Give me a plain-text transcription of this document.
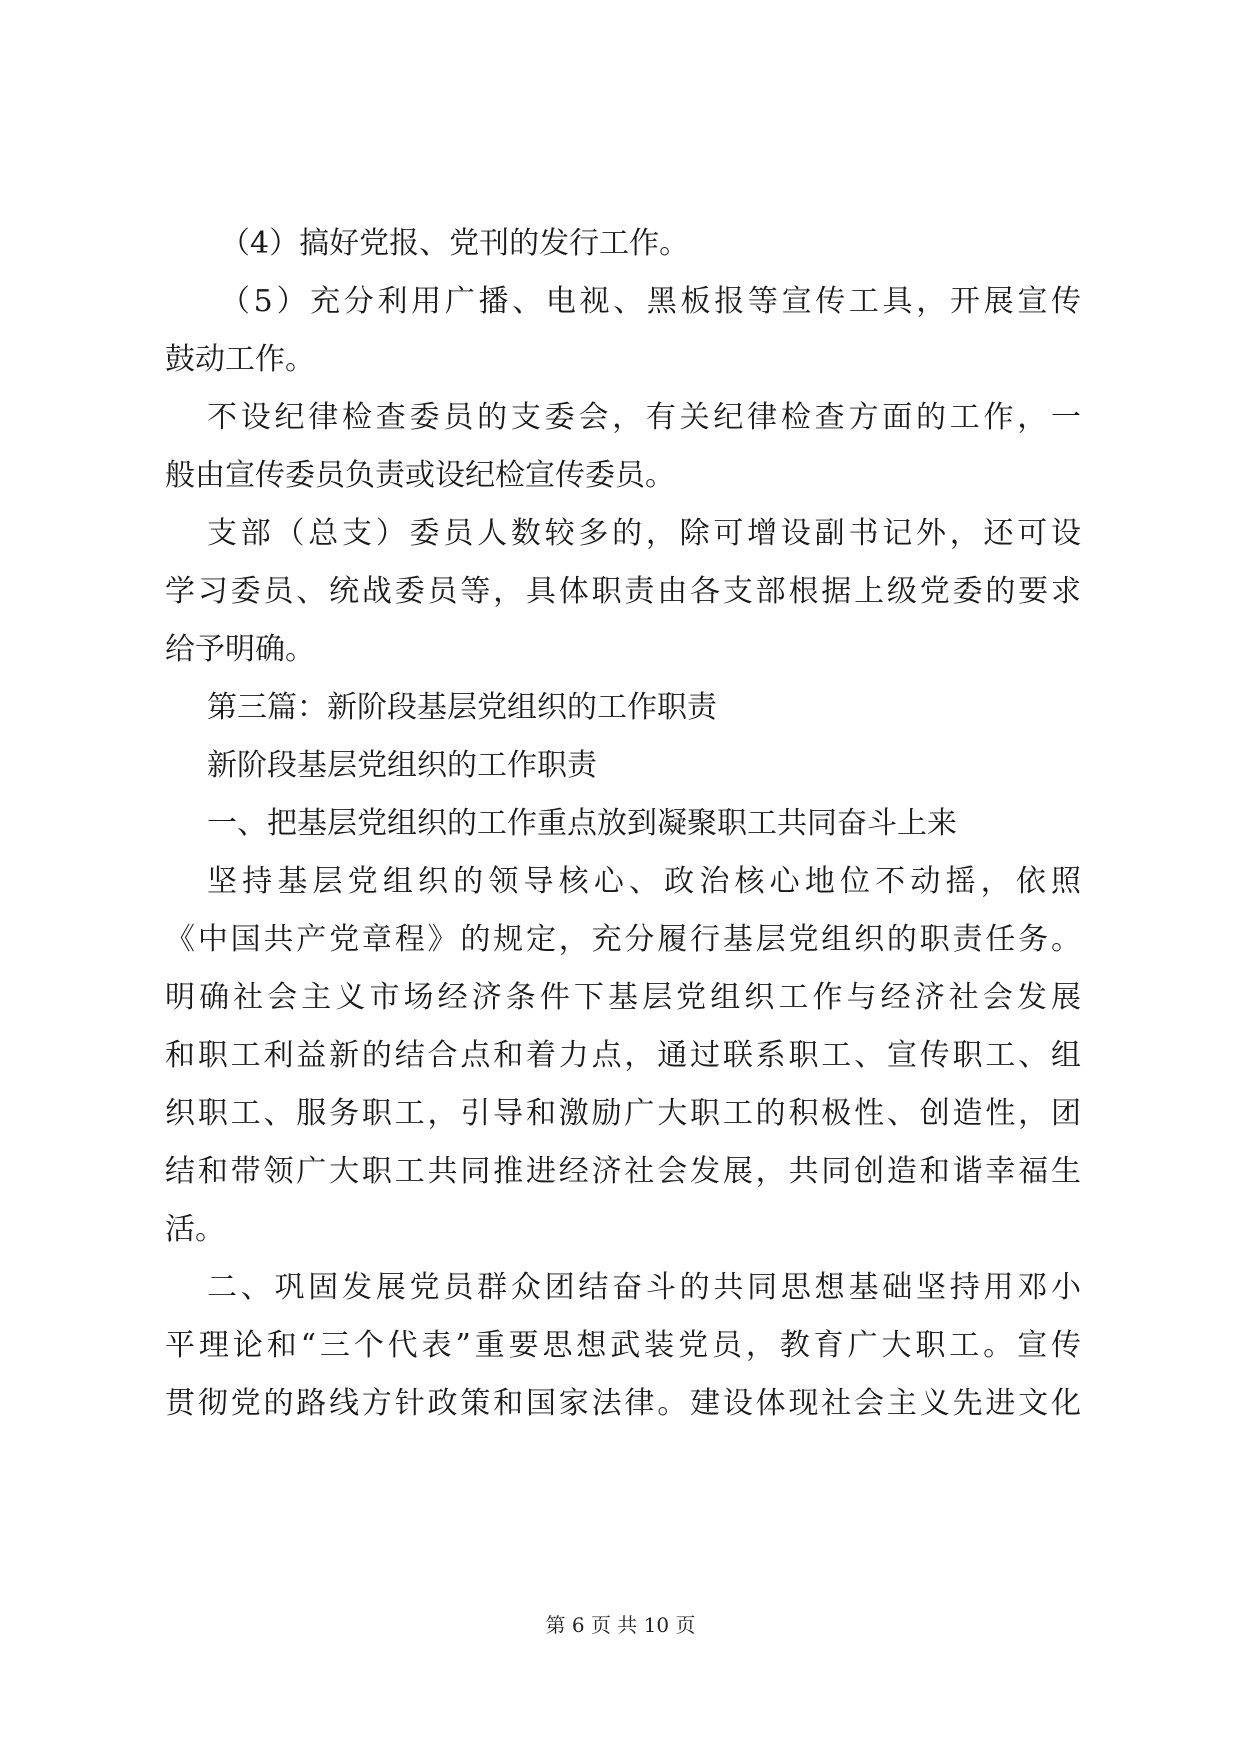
（4）搞好党报、党刊的发行工作。
（5）充分利用广播、电视、黑板报等宣传工具，开展宣传
鼓动工作。
不设纪律检查委员的支委会，有关纪律检查方面的工作，一
般由宣传委员负责或设纪检宣传委员。
支部（总支）委员人数较多的，除可增设副书记外，还可设
学习委员、统战委员等，具体职责由各支部根据上级党委的要求
给予明确。
第三篇：新阶段基层党组织的工作职责
新阶段基层党组织的工作职责
一、把基层党组织的工作重点放到凝聚职工共同奋斗上来
坚持基层党组织的领导核心、政治核心地位不动摇，依照
《中国共产党章程》的规定，充分履行基层党组织的职责任务。
明确社会主义市场经济条件下基层党组织工作与经济社会发展
和职工利益新的结合点和着力点，通过联系职工、宣传职工、组
织职工、服务职工，引导和激励广大职工的积极性、创造性，团
结和带领广大职工共同推进经济社会发展，共同创造和谐幸福生
活。
二、巩固发展党员群众团结奋斗的共同思想基础坚持用邓小
平理论和“三个代表”重要思想武装党员，教育广大职工。宣传
贯彻党的路线方针政策和国家法律。建设体现社会主义先进文化
第 6 页 共 10 页
